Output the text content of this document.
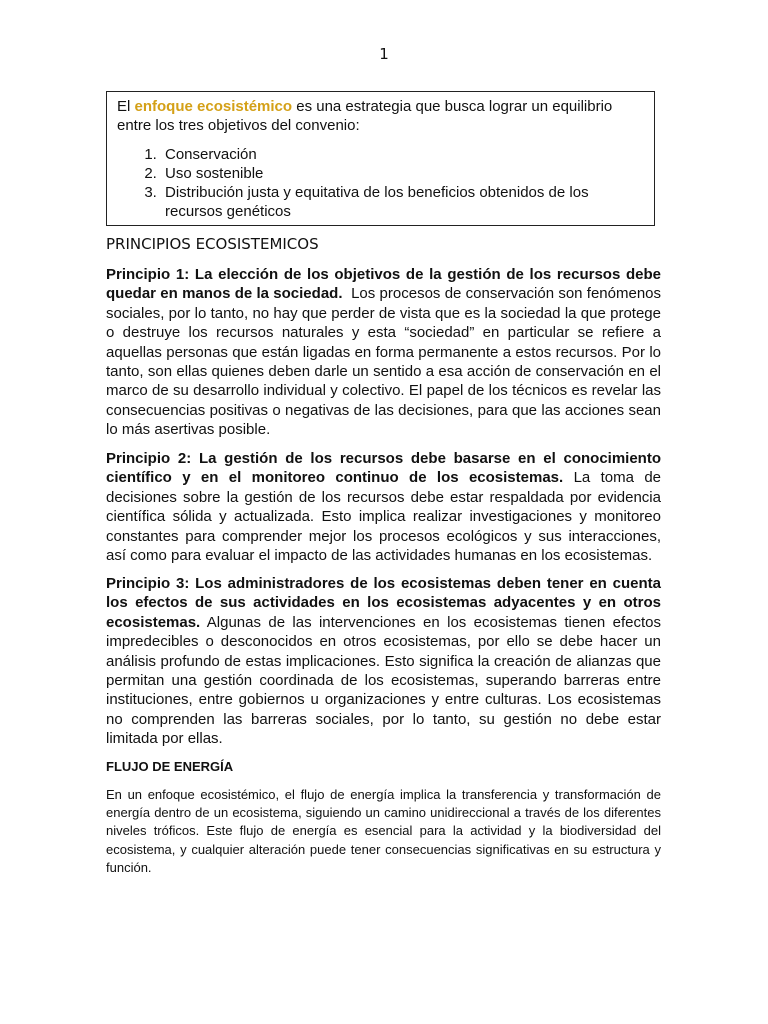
1
El enfoque ecosistémico es una estrategia que busca lograr un equilibrio entre los tres objetivos del convenio:
1. Conservación
2. Uso sostenible
3. Distribución justa y equitativa de los beneficios obtenidos de los recursos genéticos
PRINCIPIOS ECOSISTEMICOS

Principio 1: La elección de los objetivos de la gestión de los recursos debe quedar en manos de la sociedad. Los procesos de conservación son fenómenos sociales, por lo tanto, no hay que perder de vista que es la sociedad la que protege o destruye los recursos naturales y esta “sociedad” en particular se refiere a aquellas personas que están ligadas en forma permanente a estos recursos. Por lo tanto, son ellas quienes deben darle un sentido a esa acción de conservación en el marco de su desarrollo individual y colectivo. El papel de los técnicos es revelar las consecuencias positivas o negativas de las decisiones, para que las acciones sean lo más asertivas posible.

Principio 2: La gestión de los recursos debe basarse en el conocimiento científico y en el monitoreo continuo de los ecosistemas. La toma de decisiones sobre la gestión de los recursos debe estar respaldada por evidencia científica sólida y actualizada. Esto implica realizar investigaciones y monitoreo constantes para comprender mejor los procesos ecológicos y sus interacciones, así como para evaluar el impacto de las actividades humanas en los ecosistemas.

Principio 3: Los administradores de los ecosistemas deben tener en cuenta los efectos de sus actividades en los ecosistemas adyacentes y en otros ecosistemas. Algunas de las intervenciones en los ecosistemas tienen efectos impredecibles o desconocidos en otros ecosistemas, por ello se debe hacer un análisis profundo de estas implicaciones. Esto significa la creación de alianzas que permitan una gestión coordinada de los ecosistemas, superando barreras entre instituciones, entre gobiernos u organizaciones y entre culturas. Los ecosistemas no comprenden las barreras sociales, por lo tanto, su gestión no debe estar limitada por ellas.

FLUJO DE ENERGÍA

En un enfoque ecosistémico, el flujo de energía implica la transferencia y transformación de energía dentro de un ecosistema, siguiendo un camino unidireccional a través de los diferentes niveles tróficos. Este flujo de energía es esencial para la actividad y la biodiversidad del ecosistema, y cualquier alteración puede tener consecuencias significativas en su estructura y función.
